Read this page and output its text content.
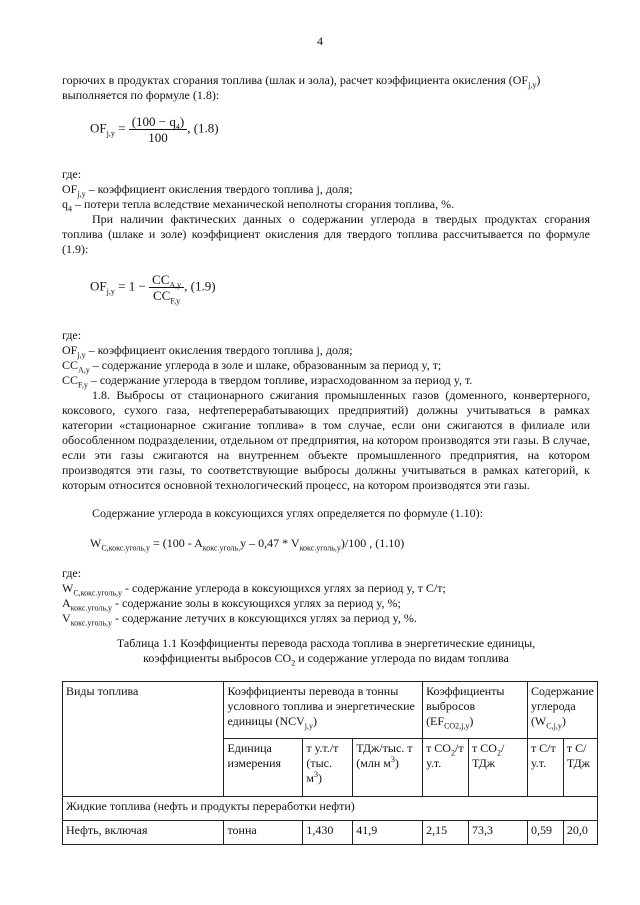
4
горючих в продуктах сгорания топлива (шлак и зола), расчет коэффициента окисления $(OF_{j,y})$
выполняется по формуле (1.8):
$OF_{j,y} = \frac{(100 - q_4)}{100}$ , (1.8)
где:
$OF_{j,y}$ – коэффициент окисления твердого топлива j, доля;
$q_4$ – потери тепла вследствие механической неполноты сгорания топлива, %.
При наличии фактических данных о содержании углерода в твердых продуктах сгорания топлива (шлаке и золе) коэффициент окисления для твердого топлива рассчитывается по формуле (1.9):
$OF_{j,y} = 1 - \frac{CC_{A,y}}{CC_{F,y}}$ , (1.9)
где:
$OF_{j,y}$ – коэффициент окисления твердого топлива j, доля;
$CC_{A,y}$ – содержание углерода в золе и шлаке, образованным за период y, т;
$CC_{F,y}$ – содержание углерода в твердом топливе, израсходованном за период y, т.
1.8. Выбросы от стационарного сжигания промышленных газов (доменного, конвертерного, коксового, сухого газа, нефтеперерабатывающих предприятий) должны учитываться в рамках категории «стационарное сжигание топлива» в том случае, если они сжигаются в филиале или обособленном подразделении, отдельном от предприятия, на котором производятся эти газы. В случае, если эти газы сжигаются на внутреннем объекте промышленного предприятия, на котором производятся эти газы, то соответствующие выбросы должны учитываться в рамках категорий, к которым относится основной технологический процесс, на котором производятся эти газы.
Содержание углерода в коксующихся углях определяется по формуле (1.10):
$W_{C,кокс.уголь,y} = (100 - A_{кокс.уголь,}y - 0,47 * V_{кокс.уголь,y})/100$ , (1.10)
где:
$W_{C,кокс.уголь,y}$ - содержание углерода в коксующихся углях за период y, т С/т;
$A_{кокс.уголь,y}$ - содержание золы в коксующихся углях за период y, %;
$V_{кокс.уголь,y}$ - содержание летучих в коксующихся углях за период y, %.
Таблица 1.1 Коэффициенты перевода расхода топлива в энергетические единицы,
коэффициенты выбросов $CO_2$ и содержание углерода по видам топлива
Виды топлива	Коэффициенты перевода в тонны условного топлива и энергетические единицы $(NCV_{j,y})$			Коэффициенты выбросов $(EF_{CO2,j,y})$		Содержание углерода $(W_{C,j,y})$	
	Единица измерения	т у.т./т (тыс. $м^3$)	ТДж/тыс. т (млн $м^3$)	т $CO_2/т$ у.т.	т $CO_2$/ТДж	т С/т у.т.	т С/ТДж
Жидкие топлива (нефть и продукты переработки нефти)							
Нефть, включая	тонна	1,430	41,9	2,15	73,3	0,59	20,0
